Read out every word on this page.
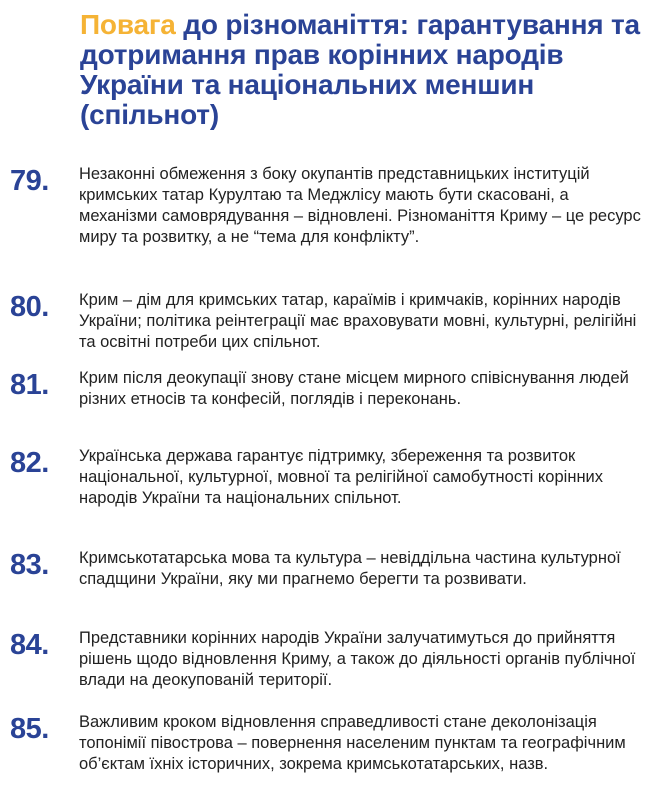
Повага до різноманіття: гарантування та дотримання прав корінних народів України та національних меншин (спільнот)
79. Незаконні обмеження з боку окупантів представницьких інституцій кримських татар Курултаю та Меджлісу мають бути скасовані, а механізми самоврядування – відновлені. Різноманіття Криму – це ресурс миру та розвитку, а не “тема для конфлікту”.

80. Крим – дім для кримських татар, караїмів і кримчаків, корінних народів України; політика реінтеграції має враховувати мовні, культурні, релігійні та освітні потреби цих спільнот.

81. Крим після деокупації знову стане місцем мирного співіснування людей різних етносів та конфесій, поглядів і переконань.

82. Українська держава гарантує підтримку, збереження та розвиток національної, культурної, мовної та релігійної самобутності корінних народів України та національних спільнот.

83. Кримськотатарська мова та культура – невіддільна частина культурної спадщини України, яку ми прагнемо берегти та розвивати.

84. Представники корінних народів України залучатимуться до прийняття рішень щодо відновлення Криму, а також до діяльності органів публічної влади на деокупованій території.

85. Важливим кроком відновлення справедливості стане деколонізація топонімії півострова – повернення населеним пунктам та географічним об’єктам їхніх історичних, зокрема кримськотатарських, назв.
